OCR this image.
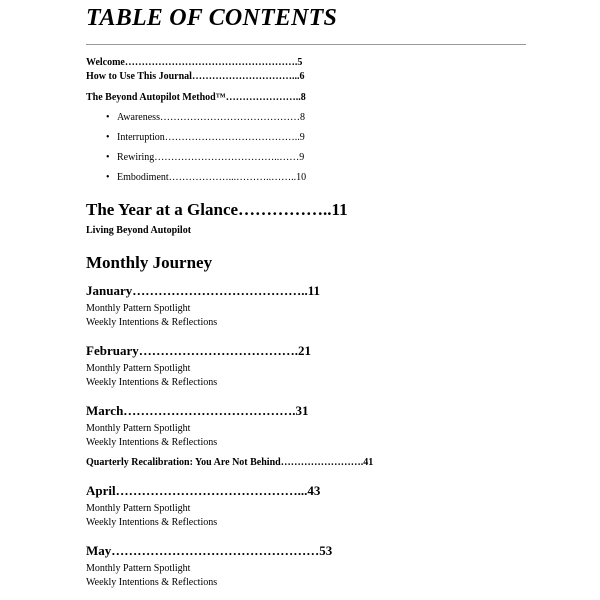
TABLE OF CONTENTS
Welcome…………………………………………….5
How to Use This Journal…………………………...6
The Beyond Autopilot Method™…………………..8
• Awareness……………………………………8
• Interruption…………………………………..9
• Rewiring………………………………..……9
• Embodiment………………...………..……..10
The Year at a Glance……………..11
Living Beyond Autopilot
Monthly Journey
January…………………………………..11
Monthly Pattern Spotlight
Weekly Intentions & Reflections
February……………………………….21
Monthly Pattern Spotlight
Weekly Intentions & Reflections
March………………………………….31
Monthly Pattern Spotlight
Weekly Intentions & Reflections
Quarterly Recalibration: You Are Not Behind…………………….41
April……………………………………...43
Monthly Pattern Spotlight
Weekly Intentions & Reflections
May…………………………………………53
Monthly Pattern Spotlight
Weekly Intentions & Reflections
